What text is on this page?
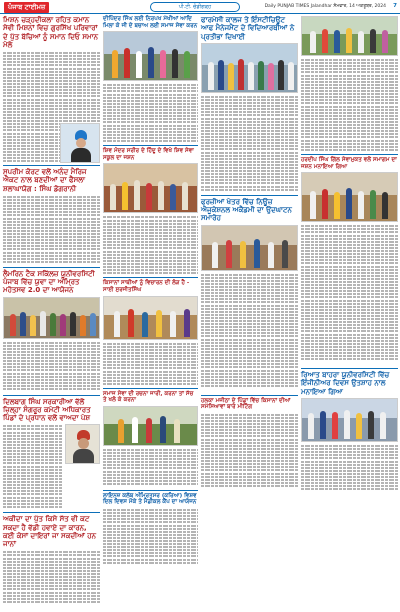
ਪੰਜਾਬ ਟਾਈਮਜ਼	ਪੀ.ਟੀ. ਚੰਡੀਗੜ੍ਹ	Daily PUNJAB TIMES Jalandhar ਸੋਮਵਾਰ, 14 ਅਕਤੂਬਰ, 2024 7
ਮਿਸ਼ਨ ਚੜ੍ਹਦੀਕਲਾ ਰਹਿਤ ਕਮਾਨ ਸੇਵੀ ਮਿਸ਼ਨਾਂ ਵਿਚ ਗੁਰਸਿੱਖ ਪਰਿਵਾਰਾਂ ਦੇ ਪੁੱਤ ਬੱਚਿਆਂ ਨੂੰ ਸਮਾਨ ਦਿਓ ਸਮਾਨ ਮੇਲੇ
ਸੁਪਰੀਮ ਕੋਰਟ ਵਲੋਂ ਅਨੰਦ ਮੈਰਿਜ ਐਕਟ ਨਾਲ ਬਣਦੀਆਂ ਦਾ ਫੈਸਲਾ ਸ਼ਲਾਘਾਯੋਗ : ਸਿੰਘ ਡੋਗਰਾਨੀ
ਲੈਮਰਿਨ ਟੈਕ ਸਕਿੱਲਜ਼ ਯੂਨੀਵਰਸਿਟੀ ਪੰਜਾਬ ਵਿੱਚ ਯੁਵਾ ਦਾ ਅੰਮ੍ਰਿਤ ਮਹੋਤਸਵ 2.0 ਦਾ ਆਯੋਜਨ
ਦਿਲਬਾਗ ਸਿੰਘ ਸਰਕਾਰੀਆ ਵੱਲੋਂ ਜ਼ਿਲ੍ਹਾ ਸੰਗਰੂਰ ਕਮੇਟੀ ਅਧਿਕਾਰਤ ਪਿੰਡਾਂ ਦੇ ਪ੍ਰਧਾਨ ਵਲੋਂ ਵਾਅਦਾ ਪੇਸ਼
ਅਕੀਦਾ ਦਾ ਪੁੱਤ ਕਿਸੇ ਸੱਤ ਵੀ ਕਟ ਸਕਦਾ ਹੈ ਵੱਡੀ ਹਵਾਏ ਦਾ ਕਾਰਨ, ਕਈ ਕੇਸਾਂ ਦਾਇਰਾਂ ਜਾ ਸਕਦੀਆਂ ਹਨ ਜਾਨਾਂ
ਦੀਪਿੰਦਰ ਸਿੰਘ ਲਈ ਨਿਰਪਖ ਮੱਖੀਆਂ ਆਦਿ ਮਿਲਾ ਕੇ ਜੀ ਦੇ ਬਚਾਅ ਲਈ ਸਮਾਜ ਸੇਵਾ ਕਰਨ
ਸ਼ਿਵ ਮੰਦਰ ਸਰੀਰ ਦੇ ਹਿੰਦੂ ਦੇ ਵਿਖੇ ਸ਼ਿਵ ਸੇਵਾ ਸਕੂਲ ਦਾ ਜਸ਼ਨ
ਕਿਸਾਨਾਂ ਸਾਥੀਆਂ ਨੂੰ ਵਿਚਾਰਨ ਦੀ ਲੋੜ ਹੈ - ਸਾਈ ਸੁਰਜੀਤਸਿੰਘ
ਸਮਾਜ ਸੇਵਾ ਦੀ ਰਚਨਾ ਜਾਰੀ, ਕਰਨਾ ਤਾਂ ਸੱਚ ਤੇ ਖਲੋ ਕੇ ਕਰਨਾ
ਲਾਇਨਜ਼ ਕਲੱਬ ਅੰਮ੍ਰਿਤਸਰ (ਕਰਿਆ) ਵਿਸ਼ਵ ਦਿਲ ਦਿਵਸ ਮੌਕੇ ਤੇ ਮੈਡੀਕਲ ਕੈਂਪ ਦਾ ਆਯੋਜਨ
ਫਾਰਮੇਸੀ ਕਾਲਜ ਤੇ ਇੰਸਟੀਚਿਊਟ ਆਫ ਮੈਨੇਜਮੈਂਟ ਦੇ ਵਿਦਿਆਰਥੀਆਂ ਨੇ ਪ੍ਰਤੀਭਾ ਦਿਖਾਈ
ਫਰਜ਼ੀਆਂ ਖੇਤਰ ਵਿੱਚ ਨਿਊਜ਼ ਐਜੂਕੇਸ਼ਨਲ ਅਕੈਡਮੀ ਦਾ ਉਦਘਾਟਨ ਸਮਾਰੋਹ
ਹਲਕਾ ਮਜੀਠਾ ਦੇ ਪਿੰਡਾਂ ਵਿੱਚ ਕਿਸਾਨਾਂ ਦੀਆਂ ਸਮੱਸਿਆਵਾਂ ਬਾਰੇ ਮੀਟਿੰਗ
ਹਰਦੀਪ ਸਿੰਘ ਗਿੱਲ ਸੇਵਾਮੁਕਤ ਵਲੋਂ ਸਮਾਗਮ ਦਾ ਜਸ਼ਨ ਮਨਾਇਆ ਗਿਆ
ਰਿਆਤ ਬਾਹਰਾ ਯੂਨੀਵਰਸਿਟੀ ਵਿੱਚ ਇੰਜੀਨੀਅਰ ਦਿਵਸ ਉਤਸ਼ਾਹ ਨਾਲ ਮਨਾਇਆ ਗਿਆ
